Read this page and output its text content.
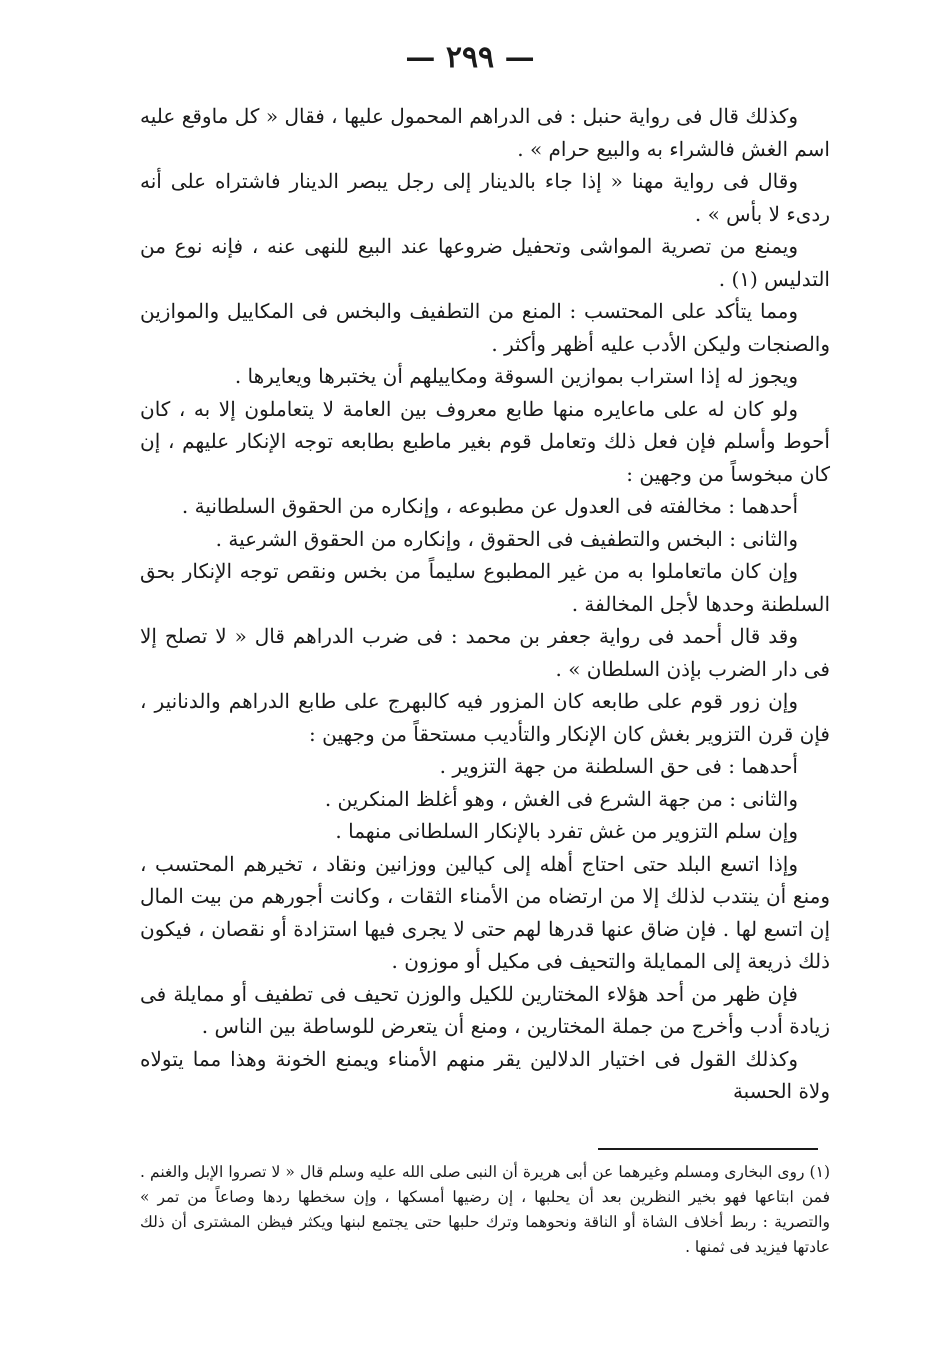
— ٢٩٩ —

وكذلك قال فى رواية حنبل : فى الدراهم المحمول عليها ، فقال « كل ماوقع عليه اسم الغش فالشراء به والبيع حرام » .

وقال فى رواية مهنا « إذا جاء بالدينار إلى رجل يبصر الدينار فاشتراه على أنه ردىء لا بأس » .

ويمنع من تصرية المواشى وتحفيل ضروعها عند البيع للنهى عنه ، فإنه نوع من التدليس (١) .

ومما يتأكد على المحتسب : المنع من التطفيف والبخس فى المكاييل والموازين والصنجات وليكن الأدب عليه أظهر وأكثر .

ويجوز له إذا استراب بموازين السوقة ومكاييلهم أن يختبرها ويعايرها .

ولو كان له على ماعايره منها طابع معروف بين العامة لا يتعاملون إلا به ، كان أحوط وأسلم فإن فعل ذلك وتعامل قوم بغير ماطبع بطابعه توجه الإنكار عليهم ، إن كان مبخوساً من وجهين :

أحدهما : مخالفته فى العدول عن مطبوعه ، وإنكاره من الحقوق السلطانية .

والثانى : البخس والتطفيف فى الحقوق ، وإنكاره من الحقوق الشرعية .

وإن كان ماتعاملوا به من غير المطبوع سليماً من بخس ونقص توجه الإنكار بحق السلطنة وحدها لأجل المخالفة .

وقد قال أحمد فى رواية جعفر بن محمد : فى ضرب الدراهم قال « لا تصلح إلا فى دار الضرب بإذن السلطان » .

وإن زور قوم على طابعه كان المزور فيه كالبهرج على طابع الدراهم والدنانير ، فإن قرن التزوير بغش كان الإنكار والتأديب مستحقاً من وجهين :

أحدهما : فى حق السلطنة من جهة التزوير .

والثانى : من جهة الشرع فى الغش ، وهو أغلظ المنكرين .

وإن سلم التزوير من غش تفرد بالإنكار السلطانى منهما .

وإذا اتسع البلد حتى احتاج أهله إلى كيالين ووزانين ونقاد ، تخيرهم المحتسب ، ومنع أن ينتدب لذلك إلا من ارتضاه من الأمناء الثقات ، وكانت أجورهم من بيت المال إن اتسع لها . فإن ضاق عنها قدرها لهم حتى لا يجرى فيها استزادة أو نقصان ، فيكون ذلك ذريعة إلى الممايلة والتحيف فى مكيل أو موزون .

فإن ظهر من أحد هؤلاء المختارين للكيل والوزن تحيف فى تطفيف أو ممايلة فى زيادة أدب وأخرج من جملة المختارين ، ومنع أن يتعرض للوساطة بين الناس .

وكذلك القول فى اختيار الدلالين يقر منهم الأمناء ويمنع الخونة وهذا مما يتولاه ولاة الحسبة

(١) روى البخارى ومسلم وغيرهما عن أبى هريرة أن النبى صلى الله عليه وسلم قال « لا تصروا الإبل والغنم . فمن ابتاعها فهو بخير النظرين بعد أن يحلبها ، إن رضيها أمسكها ، وإن سخطها ردها وصاعاً من تمر » والتصرية : ربط أخلاف الشاة أو الناقة ونحوهما وترك حلبها حتى يجتمع لبنها ويكثر فيظن المشترى أن ذلك عادتها فيزيد فى ثمنها .
